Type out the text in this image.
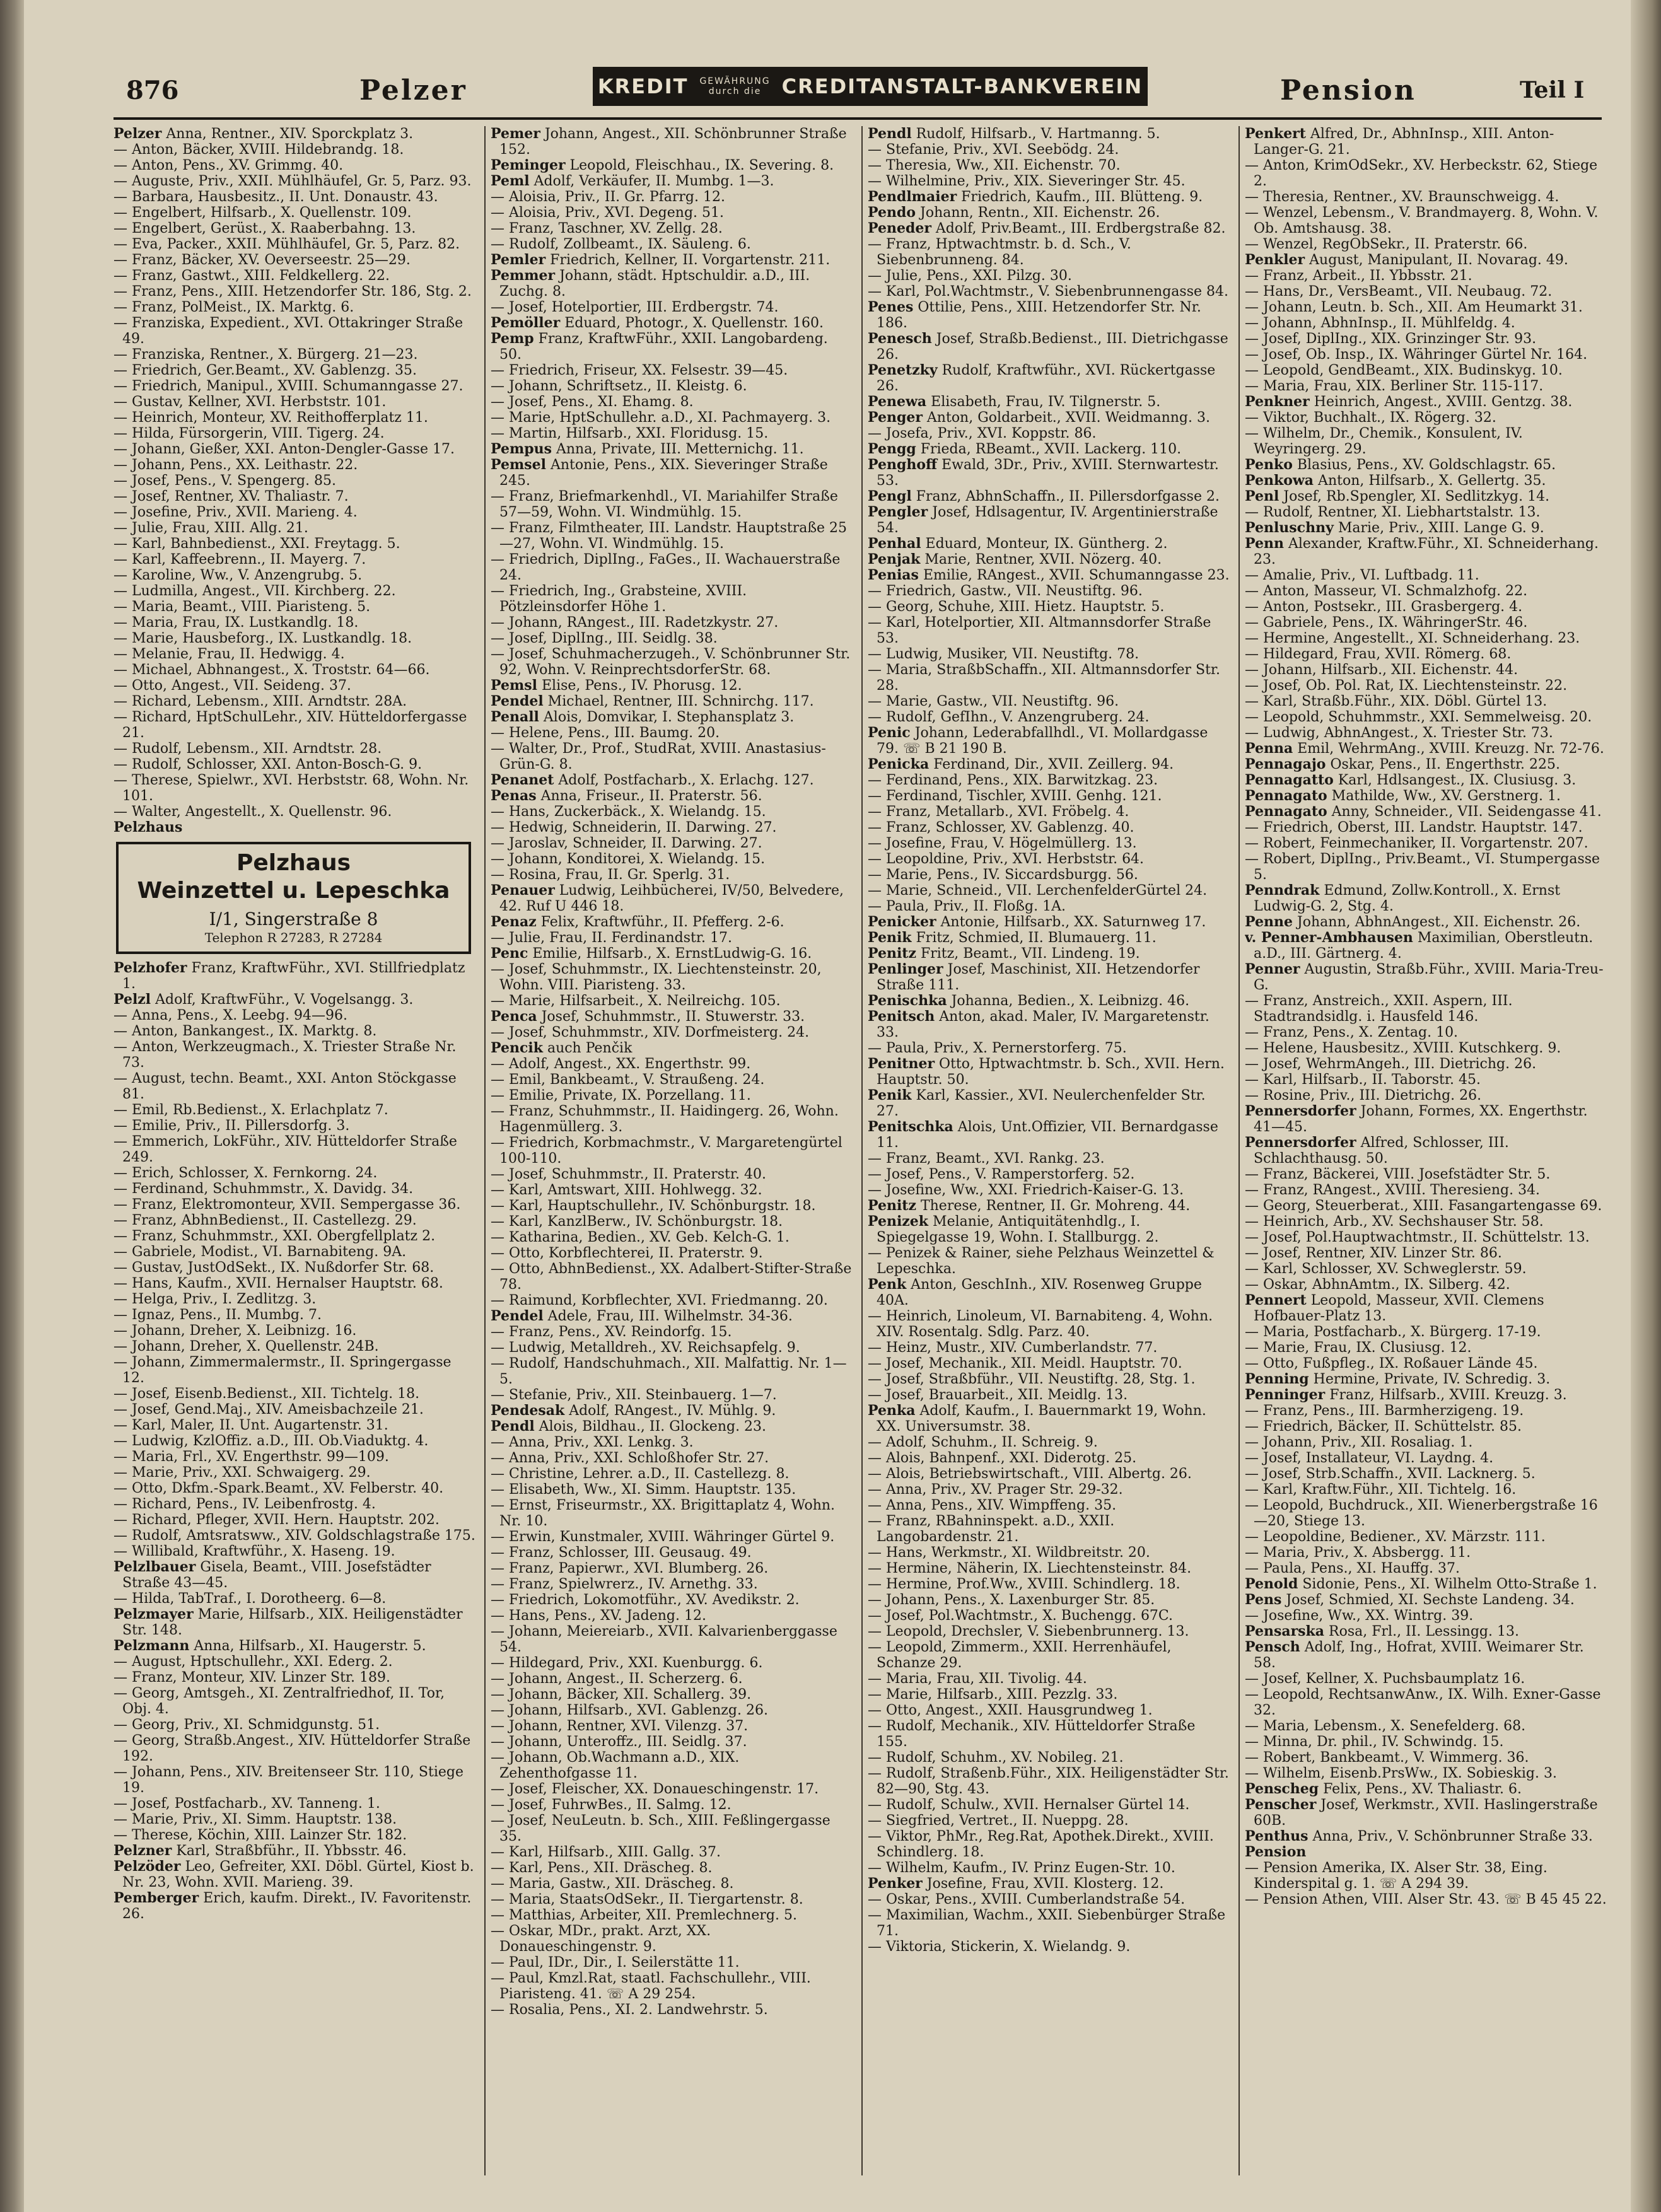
876	Pelzer	KREDIT GEWÄHRUNG
durch die	CREDITANSTALT-BANKVEREIN	Pension	Teil I
Pelzer Anna, Rentner., XIV. Sporckplatz 3.
— Anton, Bäcker, XVIII. Hildebrandg. 18.
— Anton, Pens., XV. Grimmg. 40.
— Auguste, Priv., XXII. Mühlhäufel, Gr. 5, Parz. 93.
— Barbara, Hausbesitz., II. Unt. Donaustr. 43.
— Engelbert, Hilfsarb., X. Quellenstr. 109.
— Engelbert, Gerüst., X. Raaberbahng. 13.
— Eva, Packer., XXII. Mühlhäufel, Gr. 5, Parz. 82.
— Franz, Bäcker, XV. Oeverseestr. 25—29.
— Franz, Gastwt., XIII. Feldkellerg. 22.
— Franz, Pens., XIII. Hetzendorfer Str. 186, Stg. 2.
— Franz, PolMeist., IX. Marktg. 6.
— Franziska, Expedient., XVI. Ottakringer Straße 49.
— Franziska, Rentner., X. Bürgerg. 21—23.
— Friedrich, Ger.Beamt., XV. Gablenzg. 35.
— Friedrich, Manipul., XVIII. Schumanngasse 27.
— Gustav, Kellner, XVI. Herbststr. 101.
— Heinrich, Monteur, XV. Reithofferplatz 11.
— Hilda, Fürsorgerin, VIII. Tigerg. 24.
— Johann, Gießer, XXI. Anton-Dengler-Gasse 17.
— Johann, Pens., XX. Leithastr. 22.
— Josef, Pens., V. Spengerg. 85.
— Josef, Rentner, XV. Thaliastr. 7.
— Josefine, Priv., XVII. Marieng. 4.
— Julie, Frau, XIII. Allg. 21.
— Karl, Bahnbedienst., XXI. Freytagg. 5.
— Karl, Kaffeebrenn., II. Mayerg. 7.
— Karoline, Ww., V. Anzengrubg. 5.
— Ludmilla, Angest., VII. Kirchberg. 22.
— Maria, Beamt., VIII. Piaristeng. 5.
— Maria, Frau, IX. Lustkandlg. 18.
— Marie, Hausbeforg., IX. Lustkandlg. 18.
— Melanie, Frau, II. Hedwigg. 4.
— Michael, Abhnangest., X. Troststr. 64—66.
— Otto, Angest., VII. Seideng. 37.
— Richard, Lebensm., XIII. Arndtstr. 28A.
— Richard, HptSchulLehr., XIV. Hütteldorfergasse 21.
— Rudolf, Lebensm., XII. Arndtstr. 28.
— Rudolf, Schlosser, XXI. Anton-Bosch-G. 9.
— Therese, Spielwr., XVI. Herbststr. 68, Wohn. Nr. 101.
— Walter, Angestellt., X. Quellenstr. 96.
Pelzhaus
Pelzhaus
Weinzettel u. Lepeschka
I/1, Singerstraße 8
Telephon R 27283, R 27284
Pelzhofer Franz, KraftwFühr., XVI. Stillfriedplatz 1.
Pelzl Adolf, KraftwFühr., V. Vogelsangg. 3.
— Anna, Pens., X. Leebg. 94—96.
— Anton, Bankangest., IX. Marktg. 8.
— Anton, Werkzeugmach., X. Triester Straße Nr. 73.
— August, techn. Beamt., XXI. Anton Stöckgasse 81.
— Emil, Rb.Bedienst., X. Erlachplatz 7.
— Emilie, Priv., II. Pillersdorfg. 3.
— Emmerich, LokFühr., XIV. Hütteldorfer Straße 249.
— Erich, Schlosser, X. Fernkorng. 24.
— Ferdinand, Schuhmmstr., X. Davidg. 34.
— Franz, Elektromonteur, XVII. Sempergasse 36.
— Franz, AbhnBedienst., II. Castellezg. 29.
— Franz, Schuhmmstr., XXI. Obergfellplatz 2.
— Gabriele, Modist., VI. Barnabiteng. 9A.
— Gustav, JustOdSekt., IX. Nußdorfer Str. 68.
— Hans, Kaufm., XVII. Hernalser Hauptstr. 68.
— Helga, Priv., I. Zedlitzg. 3.
— Ignaz, Pens., II. Mumbg. 7.
— Johann, Dreher, X. Leibnizg. 16.
— Johann, Dreher, X. Quellenstr. 24B.
— Johann, Zimmermalermstr., II. Springergasse 12.
— Josef, Eisenb.Bedienst., XII. Tichtelg. 18.
— Josef, Gend.Maj., XIV. Ameisbachzeile 21.
— Karl, Maler, II. Unt. Augartenstr. 31.
— Ludwig, KzlOffiz. a.D., III. Ob.Viaduktg. 4.
— Maria, Frl., XV. Engerthstr. 99—109.
— Marie, Priv., XXI. Schwaigerg. 29.
— Otto, Dkfm.-Spark.Beamt., XV. Felberstr. 40.
— Richard, Pens., IV. Leibenfrostg. 4.
— Richard, Pfleger, XVII. Hern. Hauptstr. 202.
— Rudolf, Amtsratsww., XIV. Goldschlagstraße 175.
— Willibald, Kraftwführ., X. Haseng. 19.
Pelzlbauer Gisela, Beamt., VIII. Josefstädter Straße 43—45.
— Hilda, TabTraf., I. Dorotheerg. 6—8.
Pelzmayer Marie, Hilfsarb., XIX. Heiligenstädter Str. 148.
Pelzmann Anna, Hilfsarb., XI. Haugerstr. 5.
— August, Hptschullehr., XXI. Ederg. 2.
— Franz, Monteur, XIV. Linzer Str. 189.
— Georg, Amtsgeh., XI. Zentralfriedhof, II. Tor, Obj. 4.
— Georg, Priv., XI. Schmidgunstg. 51.
— Georg, Straßb.Angest., XIV. Hütteldorfer Straße 192.
— Johann, Pens., XIV. Breitenseer Str. 110, Stiege 19.
— Josef, Postfacharb., XV. Tanneng. 1.
— Marie, Priv., XI. Simm. Hauptstr. 138.
— Therese, Köchin, XIII. Lainzer Str. 182.
Pelzner Karl, Straßbführ., II. Ybbsstr. 46.
Pelzöder Leo, Gefreiter, XXI. Döbl. Gürtel, Kiost b. Nr. 23, Wohn. XVII. Marieng. 39.
Pemberger Erich, kaufm. Direkt., IV. Favoritenstr. 26.
Pemer Johann, Angest., XII. Schönbrunner Straße 152.
Peminger Leopold, Fleischhau., IX. Severing. 8.
Peml Adolf, Verkäufer, II. Mumbg. 1—3.
— Aloisia, Priv., II. Gr. Pfarrg. 12.
— Aloisia, Priv., XVI. Degeng. 51.
— Franz, Taschner, XV. Zellg. 28.
— Rudolf, Zollbeamt., IX. Säuleng. 6.
Pemler Friedrich, Kellner, II. Vorgartenstr. 211.
Pemmer Johann, städt. Hptschuldir. a.D., III. Zuchg. 8.
— Josef, Hotelportier, III. Erdbergstr. 74.
Pemöller Eduard, Photogr., X. Quellenstr. 160.
Pemp Franz, KraftwFühr., XXII. Langobardeng. 50.
— Friedrich, Friseur, XX. Felsestr. 39—45.
— Johann, Schriftsetz., II. Kleistg. 6.
— Josef, Pens., XI. Ehamg. 8.
— Marie, HptSchullehr. a.D., XI. Pachmayerg. 3.
— Martin, Hilfsarb., XXI. Floridusg. 15.
Pempus Anna, Private, III. Metternichg. 11.
Pemsel Antonie, Pens., XIX. Sieveringer Straße 245.
— Franz, Briefmarkenhdl., VI. Mariahilfer Straße 57—59, Wohn. VI. Windmühlg. 15.
— Franz, Filmtheater, III. Landstr. Hauptstraße 25—27, Wohn. VI. Windmühlg. 15.
— Friedrich, DiplIng., FaGes., II. Wachauerstraße 24.
— Friedrich, Ing., Grabsteine, XVIII. Pötzleinsdorfer Höhe 1.
— Johann, RAngest., III. Radetzkystr. 27.
— Josef, DiplIng., III. Seidlg. 38.
— Josef, Schuhmacherzugeh., V. Schönbrunner Str. 92, Wohn. V. ReinprechtsdorferStr. 68.
Pemsl Elise, Pens., IV. Phorusg. 12.
Pendel Michael, Rentner, III. Schnirchg. 117.
Penall Alois, Domvikar, I. Stephansplatz 3.
— Helene, Pens., III. Baumg. 20.
— Walter, Dr., Prof., StudRat, XVIII. Anastasius-Grün-G. 8.
Penanet Adolf, Postfacharb., X. Erlachg. 127.
Penas Anna, Friseur., II. Praterstr. 56.
— Hans, Zuckerbäck., X. Wielandg. 15.
— Hedwig, Schneiderin, II. Darwing. 27.
— Jaroslav, Schneider, II. Darwing. 27.
— Johann, Konditorei, X. Wielandg. 15.
— Rosina, Frau, II. Gr. Sperlg. 31.
Penauer Ludwig, Leihbücherei, IV/50, Belvedere, 42. Ruf U 446 18.
Penaz Felix, Kraftwführ., II. Pfefferg. 2-6.
— Julie, Frau, II. Ferdinandstr. 17.
Penc Emilie, Hilfsarb., X. ErnstLudwig-G. 16.
— Josef, Schuhmmstr., IX. Liechtensteinstr. 20, Wohn. VIII. Piaristeng. 33.
— Marie, Hilfsarbeit., X. Neilreichg. 105.
Penca Josef, Schuhmmstr., II. Stuwerstr. 33.
— Josef, Schuhmmstr., XIV. Dorfmeisterg. 24.
Pencik auch Penčik
— Adolf, Angest., XX. Engerthstr. 99.
— Emil, Bankbeamt., V. Straußeng. 24.
— Emilie, Private, IX. Porzellang. 11.
— Franz, Schuhmmstr., II. Haidingerg. 26, Wohn. Hagenmüllerg. 3.
— Friedrich, Korbmachmstr., V. Margaretengürtel 100-110.
— Josef, Schuhmmstr., II. Praterstr. 40.
— Karl, Amtswart, XIII. Hohlwegg. 32.
— Karl, Hauptschullehr., IV. Schönburgstr. 18.
— Karl, KanzlBerw., IV. Schönburgstr. 18.
— Katharina, Bedien., XV. Geb. Kelch-G. 1.
— Otto, Korbflechterei, II. Praterstr. 9.
— Otto, AbhnBedienst., XX. Adalbert-Stifter-Straße 78.
— Raimund, Korbflechter, XVI. Friedmanng. 20.
Pendel Adele, Frau, III. Wilhelmstr. 34-36.
— Franz, Pens., XV. Reindorfg. 15.
— Ludwig, Metalldreh., XV. Reichsapfelg. 9.
— Rudolf, Handschuhmach., XII. Malfattig. Nr. 1—5.
— Stefanie, Priv., XII. Steinbauerg. 1—7.
Pendesak Adolf, RAngest., IV. Mühlg. 9.
Pendl Alois, Bildhau., II. Glockeng. 23.
— Anna, Priv., XXI. Lenkg. 3.
— Anna, Priv., XXI. Schloßhofer Str. 27.
— Christine, Lehrer. a.D., II. Castellezg. 8.
— Elisabeth, Ww., XI. Simm. Hauptstr. 135.
— Ernst, Friseurmstr., XX. Brigittaplatz 4, Wohn. Nr. 10.
— Erwin, Kunstmaler, XVIII. Währinger Gürtel 9.
— Franz, Schlosser, III. Geusaug. 49.
— Franz, Papierwr., XVI. Blumberg. 26.
— Franz, Spielwrerz., IV. Arnethg. 33.
— Friedrich, Lokomotführ., XV. Avedikstr. 2.
— Hans, Pens., XV. Jadeng. 12.
— Johann, Meiereiarb., XVII. Kalvarienberggasse 54.
— Hildegard, Priv., XXI. Kuenburgg. 6.
— Johann, Angest., II. Scherzerg. 6.
— Johann, Bäcker, XII. Schallerg. 39.
— Johann, Hilfsarb., XVI. Gablenzg. 26.
— Johann, Rentner, XVI. Vilenzg. 37.
— Johann, Unteroffz., III. Seidlg. 37.
— Johann, Ob.Wachmann a.D., XIX. Zehenthofgasse 11.
— Josef, Fleischer, XX. Donaueschingenstr. 17.
— Josef, FuhrwBes., II. Salmg. 12.
— Josef, NeuLeutn. b. Sch., XIII. Feßlingergasse 35.
— Karl, Hilfsarb., XIII. Gallg. 37.
— Karl, Pens., XII. Dräscheg. 8.
— Maria, Gastw., XII. Dräscheg. 8.
— Maria, StaatsOdSekr., II. Tiergartenstr. 8.
— Matthias, Arbeiter, XII. Premlechnerg. 5.
— Oskar, MDr., prakt. Arzt, XX. Donaueschingenstr. 9.
— Paul, IDr., Dir., I. Seilerstätte 11.
— Paul, Kmzl.Rat, staatl. Fachschullehr., VIII. Piaristeng. 41. ☏ A 29 254.
— Rosalia, Pens., XI. 2. Landwehrstr. 5.
Pendl Rudolf, Hilfsarb., V. Hartmanng. 5.
— Stefanie, Priv., XVI. Seebödg. 24.
— Theresia, Ww., XII. Eichenstr. 70.
— Wilhelmine, Priv., XIX. Sieveringer Str. 45.
Pendlmaier Friedrich, Kaufm., III. Blütteng. 9.
Pendo Johann, Rentn., XII. Eichenstr. 26.
Peneder Adolf, Priv.Beamt., III. Erdbergstraße 82.
— Franz, Hptwachtmstr. b. d. Sch., V. Siebenbrunneng. 84.
— Julie, Pens., XXI. Pilzg. 30.
— Karl, Pol.Wachtmstr., V. Siebenbrunnengasse 84.
Penes Ottilie, Pens., XIII. Hetzendorfer Str. Nr. 186.
Penesch Josef, Straßb.Bedienst., III. Dietrichgasse 26.
Penetzky Rudolf, Kraftwführ., XVI. Rückertgasse 26.
Penewa Elisabeth, Frau, IV. Tilgnerstr. 5.
Penger Anton, Goldarbeit., XVII. Weidmanng. 3.
— Josefa, Priv., XVI. Koppstr. 86.
Pengg Frieda, RBeamt., XVII. Lackerg. 110.
Penghoff Ewald, 3Dr., Priv., XVIII. Sternwartestr. 53.
Pengl Franz, AbhnSchaffn., II. Pillersdorfgasse 2.
Pengler Josef, Hdlsagentur, IV. Argentinierstraße 54.
Penhal Eduard, Monteur, IX. Güntherg. 2.
Penjak Marie, Rentner, XVII. Nözerg. 40.
Penias Emilie, RAngest., XVII. Schumanngasse 23.
— Friedrich, Gastw., VII. Neustiftg. 96.
— Georg, Schuhe, XIII. Hietz. Hauptstr. 5.
— Karl, Hotelportier, XII. Altmannsdorfer Straße 53.
— Ludwig, Musiker, VII. Neustiftg. 78.
— Maria, StraßbSchaffn., XII. Altmannsdorfer Str. 28.
— Marie, Gastw., VII. Neustiftg. 96.
— Rudolf, GefIhn., V. Anzengruberg. 24.
Penic Johann, Lederabfallhdl., VI. Mollardgasse 79. ☏ B 21 190 B.
Penicka Ferdinand, Dir., XVII. Zeillerg. 94.
— Ferdinand, Pens., XIX. Barwitzkag. 23.
— Ferdinand, Tischler, XVIII. Genhg. 121.
— Franz, Metallarb., XVI. Fröbelg. 4.
— Franz, Schlosser, XV. Gablenzg. 40.
— Josefine, Frau, V. Högelmüllerg. 13.
— Leopoldine, Priv., XVI. Herbststr. 64.
— Marie, Pens., IV. Siccardsburgg. 56.
— Marie, Schneid., VII. LerchenfelderGürtel 24.
— Paula, Priv., II. Floßg. 1A.
Penicker Antonie, Hilfsarb., XX. Saturnweg 17.
Penik Fritz, Schmied, II. Blumauerg. 11.
Penitz Fritz, Beamt., VII. Lindeng. 19.
Penlinger Josef, Maschinist, XII. Hetzendorfer Straße 111.
Penischka Johanna, Bedien., X. Leibnizg. 46.
Penitsch Anton, akad. Maler, IV. Margaretenstr. 33.
— Paula, Priv., X. Pernerstorferg. 75.
Penitner Otto, Hptwachtmstr. b. Sch., XVII. Hern. Hauptstr. 50.
Penik Karl, Kassier., XVI. Neulerchenfelder Str. 27.
Penitschka Alois, Unt.Offizier, VII. Bernardgasse 11.
— Franz, Beamt., XVI. Rankg. 23.
— Josef, Pens., V. Ramperstorferg. 52.
— Josefine, Ww., XXI. Friedrich-Kaiser-G. 13.
Penitz Therese, Rentner, II. Gr. Mohreng. 44.
Penizek Melanie, Antiquitätenhdlg., I. Spiegelgasse 19, Wohn. I. Stallburgg. 2.
— Penizek & Rainer, siehe Pelzhaus Weinzettel & Lepeschka.
Penk Anton, GeschInh., XIV. Rosenweg Gruppe 40A.
— Heinrich, Linoleum, VI. Barnabiteng. 4, Wohn. XIV. Rosentalg. Sdlg. Parz. 40.
— Heinz, Mustr., XIV. Cumberlandstr. 77.
— Josef, Mechanik., XII. Meidl. Hauptstr. 70.
— Josef, Straßbführ., VII. Neustiftg. 28, Stg. 1.
— Josef, Brauarbeit., XII. Meidlg. 13.
Penka Adolf, Kaufm., I. Bauernmarkt 19, Wohn. XX. Universumstr. 38.
— Adolf, Schuhm., II. Schreig. 9.
— Alois, Bahnpenf., XXI. Diderotg. 25.
— Alois, Betriebswirtschaft., VIII. Albertg. 26.
— Anna, Priv., XV. Prager Str. 29-32.
— Anna, Pens., XIV. Wimpffeng. 35.
— Franz, RBahninspekt. a.D., XXII. Langobardenstr. 21.
— Hans, Werkmstr., XI. Wildbreitstr. 20.
— Hermine, Näherin, IX. Liechtensteinstr. 84.
— Hermine, Prof.Ww., XVIII. Schindlerg. 18.
— Johann, Pens., X. Laxenburger Str. 85.
— Josef, Pol.Wachtmstr., X. Buchengg. 67C.
— Leopold, Drechsler, V. Siebenbrunnerg. 13.
— Leopold, Zimmerm., XXII. Herrenhäufel, Schanze 29.
— Maria, Frau, XII. Tivolig. 44.
— Marie, Hilfsarb., XIII. Pezzlg. 33.
— Otto, Angest., XXII. Hausgrundweg 1.
— Rudolf, Mechanik., XIV. Hütteldorfer Straße 155.
— Rudolf, Schuhm., XV. Nobileg. 21.
— Rudolf, Straßenb.Führ., XIX. Heiligenstädter Str. 82—90, Stg. 43.
— Rudolf, Schulw., XVII. Hernalser Gürtel 14.
— Siegfried, Vertret., II. Nueppg. 28.
— Viktor, PhMr., Reg.Rat, Apothek.Direkt., XVIII. Schindlerg. 18.
— Wilhelm, Kaufm., IV. Prinz Eugen-Str. 10.
Penker Josefine, Frau, XVII. Klosterg. 12.
— Oskar, Pens., XVIII. Cumberlandstraße 54.
— Maximilian, Wachm., XXII. Siebenbürger Straße 71.
— Viktoria, Stickerin, X. Wielandg. 9.
Penkert Alfred, Dr., AbhnInsp., XIII. Anton-Langer-G. 21.
— Anton, KrimOdSekr., XV. Herbeckstr. 62, Stiege 2.
— Theresia, Rentner., XV. Braunschweigg. 4.
— Wenzel, Lebensm., V. Brandmayerg. 8, Wohn. V. Ob. Amtshausg. 38.
— Wenzel, RegObSekr., II. Praterstr. 66.
Penkler August, Manipulant, II. Novarag. 49.
— Franz, Arbeit., II. Ybbsstr. 21.
— Hans, Dr., VersBeamt., VII. Neubaug. 72.
— Johann, Leutn. b. Sch., XII. Am Heumarkt 31.
— Johann, AbhnInsp., II. Mühlfeldg. 4.
— Josef, DiplIng., XIX. Grinzinger Str. 93.
— Josef, Ob. Insp., IX. Währinger Gürtel Nr. 164.
— Leopold, GendBeamt., XIX. Budinskyg. 10.
— Maria, Frau, XIX. Berliner Str. 115-117.
Penkner Heinrich, Angest., XVIII. Gentzg. 38.
— Viktor, Buchhalt., IX. Rögerg. 32.
— Wilhelm, Dr., Chemik., Konsulent, IV. Weyringerg. 29.
Penko Blasius, Pens., XV. Goldschlagstr. 65.
Penkowa Anton, Hilfsarb., X. Gellertg. 35.
Penl Josef, Rb.Spengler, XI. Sedlitzkyg. 14.
— Rudolf, Rentner, XI. Liebhartstalstr. 13.
Penluschny Marie, Priv., XIII. Lange G. 9.
Penn Alexander, Kraftw.Führ., XI. Schneiderhang. 23.
— Amalie, Priv., VI. Luftbadg. 11.
— Anton, Masseur, VI. Schmalzhofg. 22.
— Anton, Postsekr., III. Grasbergerg. 4.
— Gabriele, Pens., IX. WähringerStr. 46.
— Hermine, Angestellt., XI. Schneiderhang. 23.
— Hildegard, Frau, XVII. Römerg. 68.
— Johann, Hilfsarb., XII. Eichenstr. 44.
— Josef, Ob. Pol. Rat, IX. Liechtensteinstr. 22.
— Karl, Straßb.Führ., XIX. Döbl. Gürtel 13.
— Leopold, Schuhmmstr., XXI. Semmelweisg. 20.
— Ludwig, AbhnAngest., X. Triester Str. 73.
Penna Emil, WehrmAng., XVIII. Kreuzg. Nr. 72-76.
Pennagajo Oskar, Pens., II. Engerthstr. 225.
Pennagatto Karl, Hdlsangest., IX. Clusiusg. 3.
Pennagato Mathilde, Ww., XV. Gerstnerg. 1.
Pennagato Anny, Schneider., VII. Seidengasse 41.
— Friedrich, Oberst, III. Landstr. Hauptstr. 147.
— Robert, Feinmechaniker, II. Vorgartenstr. 207.
— Robert, DiplIng., Priv.Beamt., VI. Stumpergasse 5.
Penndrak Edmund, Zollw.Kontroll., X. Ernst Ludwig-G. 2, Stg. 4.
Penne Johann, AbhnAngest., XII. Eichenstr. 26.
v. Penner-Ambhausen Maximilian, Oberstleutn. a.D., III. Gärtnerg. 4.
Penner Augustin, Straßb.Führ., XVIII. Maria-Treu-G.
— Franz, Anstreich., XXII. Aspern, III. Stadtrandsidlg. i. Hausfeld 146.
— Franz, Pens., X. Zentag. 10.
— Helene, Hausbesitz., XVIII. Kutschkerg. 9.
— Josef, WehrmAngeh., III. Dietrichg. 26.
— Karl, Hilfsarb., II. Taborstr. 45.
— Rosine, Priv., III. Dietrichg. 26.
Pennersdorfer Johann, Formes, XX. Engerthstr. 41—45.
Pennersdorfer Alfred, Schlosser, III. Schlachthausg. 50.
— Franz, Bäckerei, VIII. Josefstädter Str. 5.
— Franz, RAngest., XVIII. Theresieng. 34.
— Georg, Steuerberat., XIII. Fasangartengasse 69.
— Heinrich, Arb., XV. Sechshauser Str. 58.
— Josef, Pol.Hauptwachtmstr., II. Schüttelstr. 13.
— Josef, Rentner, XIV. Linzer Str. 86.
— Karl, Schlosser, XV. Schweglerstr. 59.
— Oskar, AbhnAmtm., IX. Silberg. 42.
Pennert Leopold, Masseur, XVII. Clemens Hofbauer-Platz 13.
— Maria, Postfacharb., X. Bürgerg. 17-19.
— Marie, Frau, IX. Clusiusg. 12.
— Otto, Fußpfleg., IX. Roßauer Lände 45.
Penning Hermine, Private, IV. Schredig. 3.
Penninger Franz, Hilfsarb., XVIII. Kreuzg. 3.
— Franz, Pens., III. Barmherzigeng. 19.
— Friedrich, Bäcker, II. Schüttelstr. 85.
— Johann, Priv., XII. Rosaliag. 1.
— Josef, Installateur, VI. Laydng. 4.
— Josef, Strb.Schaffn., XVII. Lacknerg. 5.
— Karl, Kraftw.Führ., XII. Tichtelg. 16.
— Leopold, Buchdruck., XII. Wienerbergstraße 16—20, Stiege 13.
— Leopoldine, Bediener., XV. Märzstr. 111.
— Maria, Priv., X. Absbergg. 11.
— Paula, Pens., XI. Hauffg. 37.
Penold Sidonie, Pens., XI. Wilhelm Otto-Straße 1.
Pens Josef, Schmied, XI. Sechste Landeng. 34.
— Josefine, Ww., XX. Wintrg. 39.
Pensarska Rosa, Frl., II. Lessingg. 13.
Pensch Adolf, Ing., Hofrat, XVIII. Weimarer Str. 58.
— Josef, Kellner, X. Puchsbaumplatz 16.
— Leopold, RechtsanwAnw., IX. Wilh. Exner-Gasse 32.
— Maria, Lebensm., X. Senefelderg. 68.
— Minna, Dr. phil., IV. Schwindg. 15.
— Robert, Bankbeamt., V. Wimmerg. 36.
— Wilhelm, Eisenb.PrsWw., IX. Sobieskig. 3.
Penscheg Felix, Pens., XV. Thaliastr. 6.
Penscher Josef, Werkmstr., XVII. Haslingerstraße 60B.
Penthus Anna, Priv., V. Schönbrunner Straße 33.
Pension
— Pension Amerika, IX. Alser Str. 38, Eing. Kinderspital g. 1. ☏ A 294 39.
— Pension Athen, VIII. Alser Str. 43. ☏ B 45 45 22.
